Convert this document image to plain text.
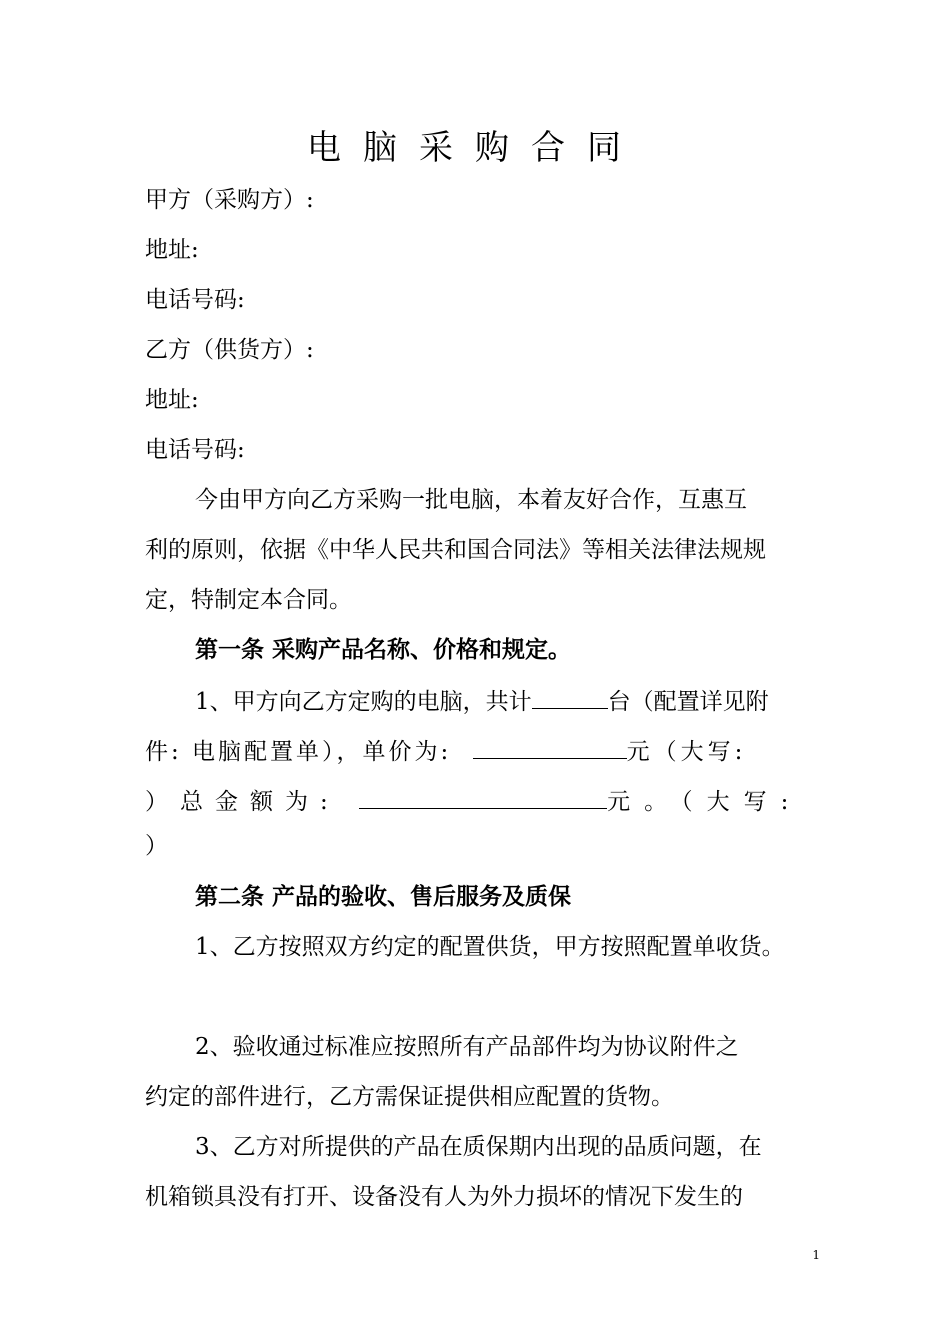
电脑采购合同
甲方（采购方）:
地址:
电话号码:
乙方（供货方）:
地址:
电话号码:
今由甲方向乙方采购一批电脑，本着友好合作，互惠互
利的原则，依据《中华人民共和国合同法》等相关法律法规规
定，特制定本合同。
第一条 采购产品名称、价格和规定。
1、甲方向乙方定购的电脑，共计	台（配置详见附
件: 电脑配置单），单价为:	元（大写:
）总金额为:	元。（大写:
）
第二条 产品的验收、售后服务及质保
1、乙方按照双方约定的配置供货，甲方按照配置单收货。
2、验收通过标准应按照所有产品部件均为协议附件之
约定的部件进行，乙方需保证提供相应配置的货物。
3、乙方对所提供的产品在质保期内出现的品质问题，在
机箱锁具没有打开、设备没有人为外力损坏的情况下发生的
1
